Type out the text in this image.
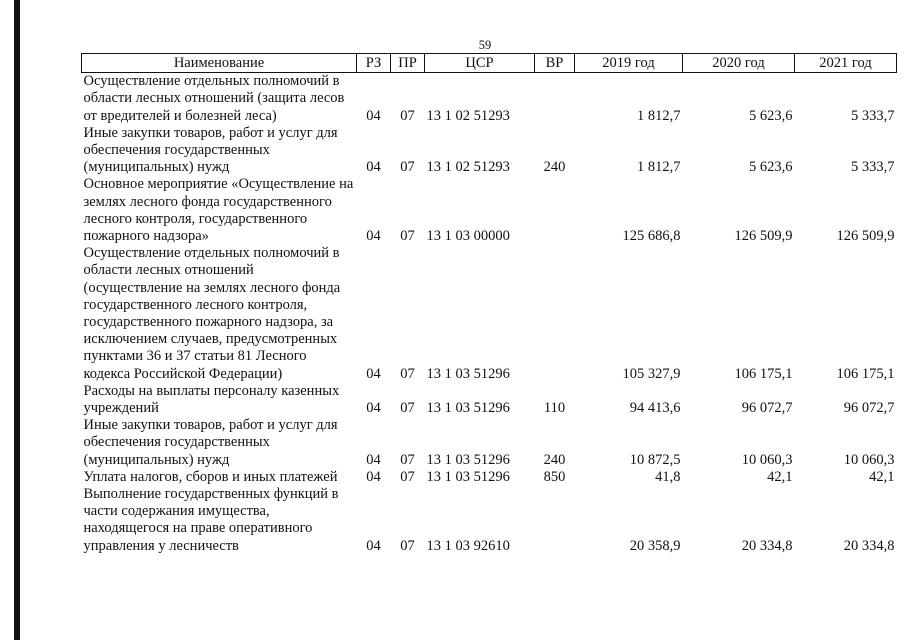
59
Наименование	РЗ	ПР	ЦСР	ВР	2019 год	2020 год	2021 год
Осуществление отдельных полномочий в области лесных отношений (защита лесов от вредителей и болезней леса)	04	07	13 1 02 51293		1 812,7	5 623,6	5 333,7
Иные закупки товаров, работ и услуг для обеспечения государственных (муниципальных) нужд	04	07	13 1 02 51293	240	1 812,7	5 623,6	5 333,7
Основное мероприятие «Осуществление на землях лесного фонда государственного лесного контроля, государственного пожарного надзора»	04	07	13 1 03 00000		125 686,8	126 509,9	126 509,9
Осуществление отдельных полномочий в области лесных отношений (осуществление на землях лесного фонда государственного лесного контроля, государственного пожарного надзора, за исключением случаев, предусмотренных пунктами 36 и 37 статьи 81 Лесного кодекса Российской Федерации)	04	07	13 1 03 51296		105 327,9	106 175,1	106 175,1
Расходы на выплаты персоналу казенных учреждений	04	07	13 1 03 51296	110	94 413,6	96 072,7	96 072,7
Иные закупки товаров, работ и услуг для обеспечения государственных (муниципальных) нужд	04	07	13 1 03 51296	240	10 872,5	10 060,3	10 060,3
Уплата налогов, сборов и иных платежей	04	07	13 1 03 51296	850	41,8	42,1	42,1
Выполнение государственных функций в части содержания имущества, находящегося на праве оперативного управления у лесничеств	04	07	13 1 03 92610		20 358,9	20 334,8	20 334,8
